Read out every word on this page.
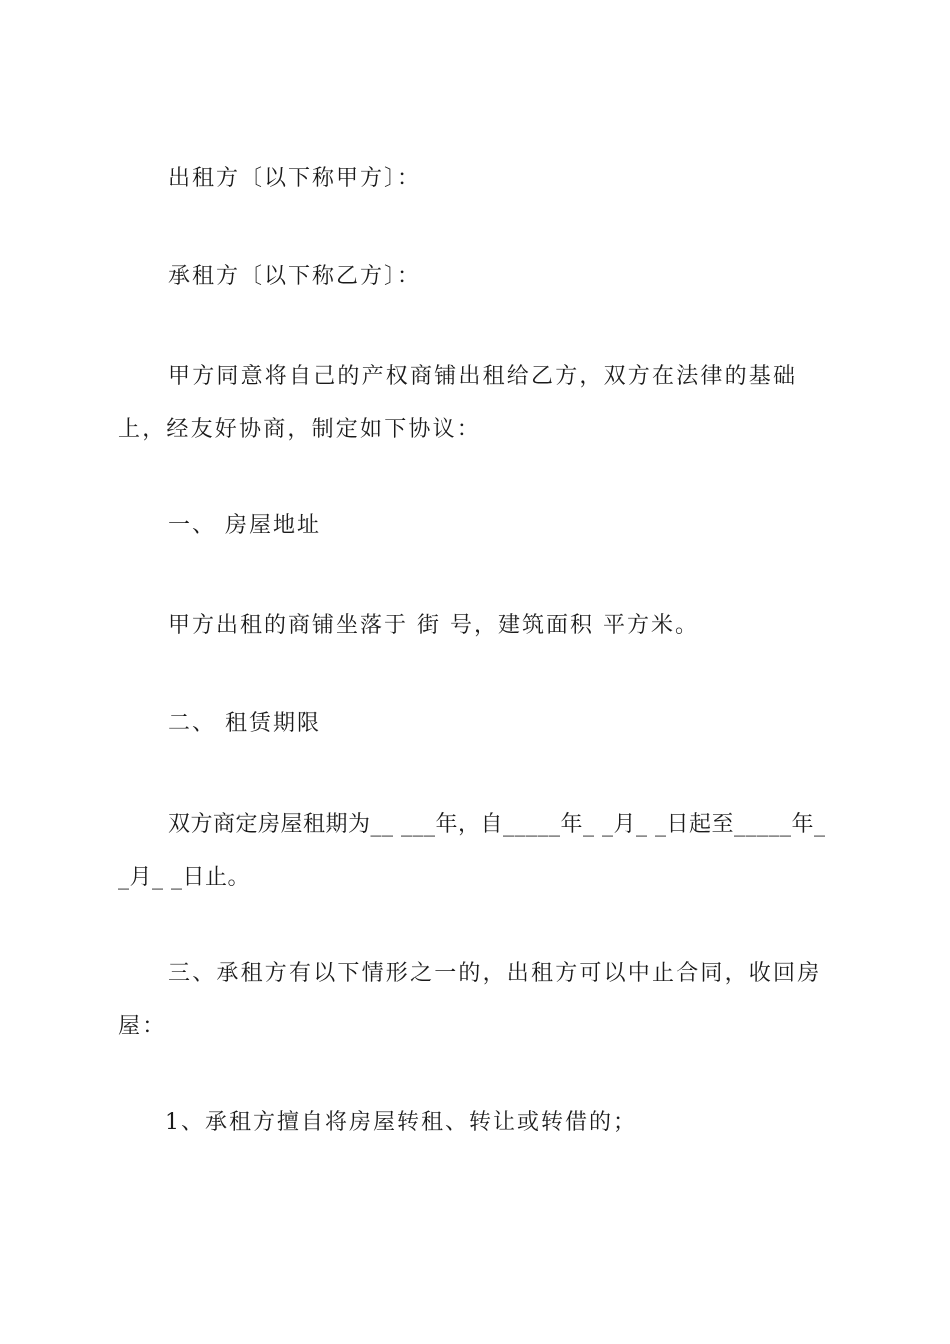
出租方〔以下称甲方〕：
承租方〔以下称乙方〕：
甲方同意将自己的产权商铺出租给乙方，双方在法律的基础上，经友好协商，制定如下协议：
一、 房屋地址
甲方出租的商铺坐落于 街 号，建筑面积 平方米。
二、 租赁期限
双方商定房屋租期为__ ___年，自_____年_ _月_ _日起至_____年_ _月_ _日止。
三、承租方有以下情形之一的，出租方可以中止合同，收回房屋：
1、承租方擅自将房屋转租、转让或转借的；
